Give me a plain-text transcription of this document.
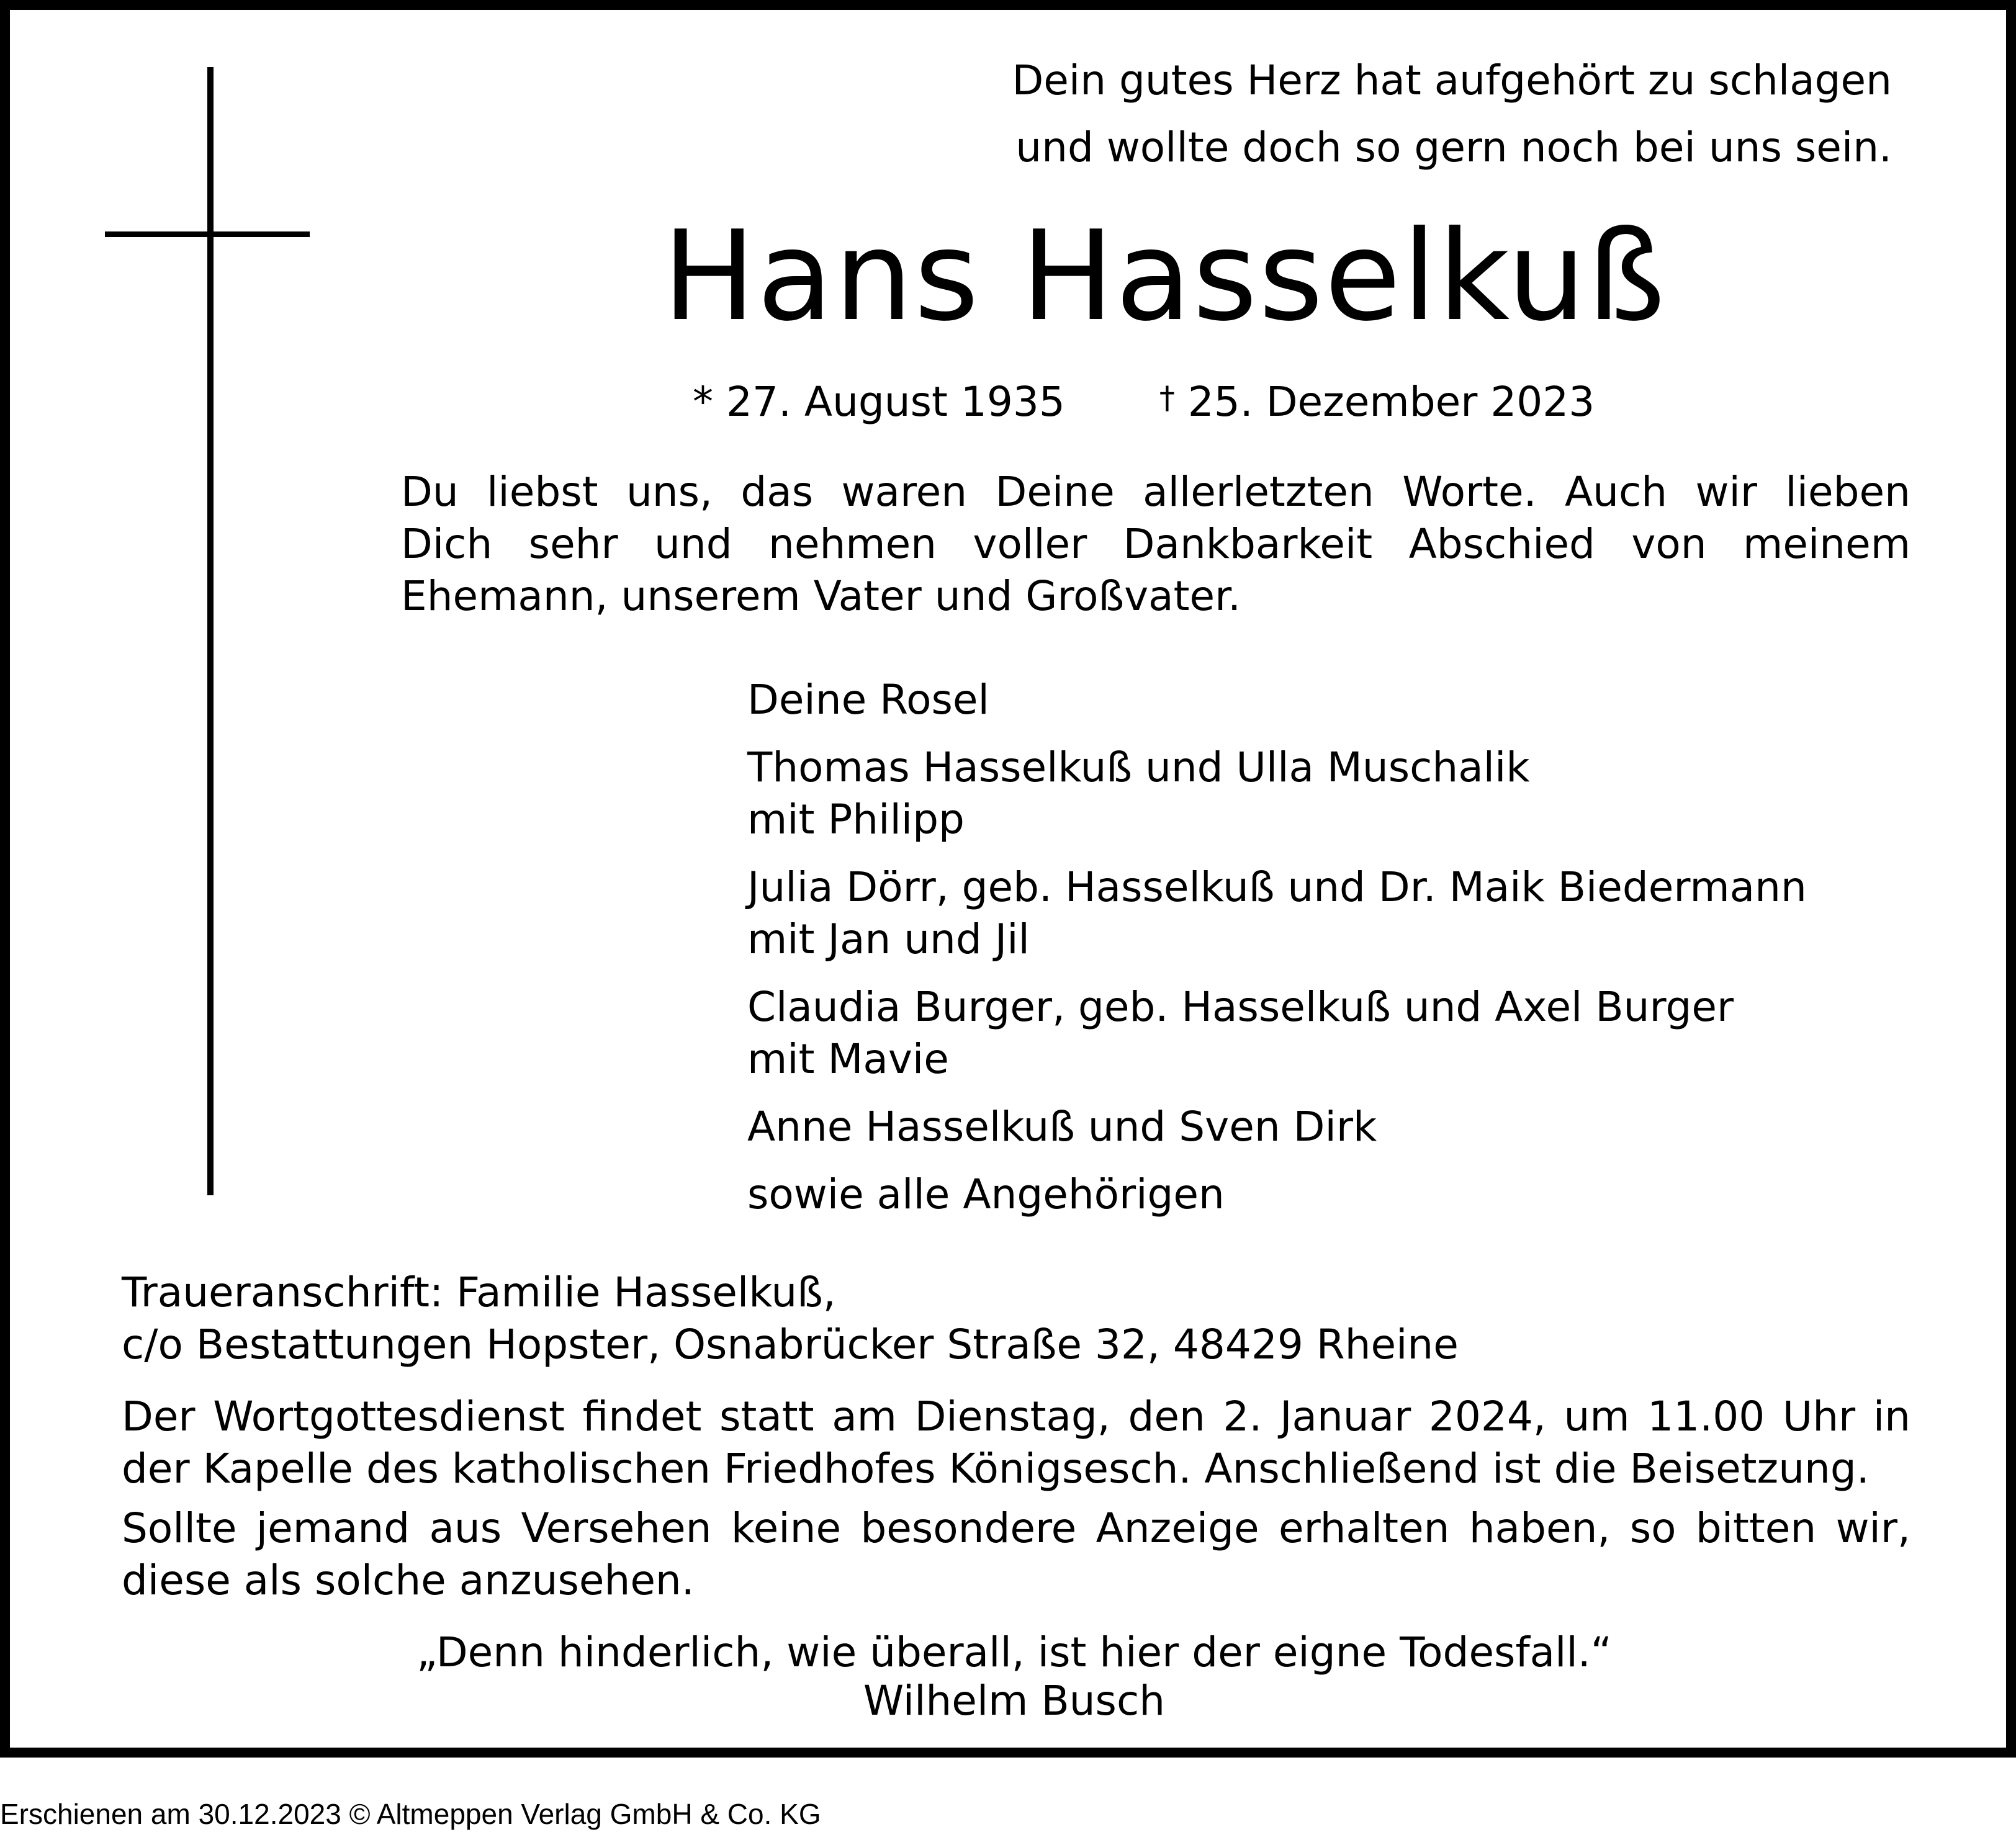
Dein gutes Herz hat aufgehört zu schlagen
und wollte doch so gern noch bei uns sein.
Hans Hasselkuß
* 27. August 1935	† 25. Dezember 2023

Du liebst uns, das waren Deine allerletzten Worte. Auch wir lieben

Dich sehr und nehmen voller Dankbarkeit Abschied von meinem

Ehemann, unserem Vater und Großvater.

Deine Rosel
Thomas Hasselkuß und Ulla Muschalik
mit Philipp
Julia Dörr, geb. Hasselkuß und Dr. Maik Biedermann
mit Jan und Jil
Claudia Burger, geb. Hasselkuß und Axel Burger
mit Mavie
Anne Hasselkuß und Sven Dirk
sowie alle Angehörigen
Traueranschrift: Familie Hasselkuß,
c/o Bestattungen Hopster, Osnabrücker Straße 32, 48429 Rheine
Der Wortgottesdienst findet statt am Dienstag, den 2. Januar 2024, um 11.00 Uhr in
der Kapelle des katholischen Friedhofes Königsesch. Anschließend ist die Beisetzung.
Sollte jemand aus Versehen keine besondere Anzeige erhalten haben, so bitten wir,
diese als solche anzusehen.
„Denn hinderlich, wie überall, ist hier der eigne Todesfall.“
Wilhelm Busch
Erschienen am 30.12.2023 © Altmeppen Verlag GmbH & Co. KG
